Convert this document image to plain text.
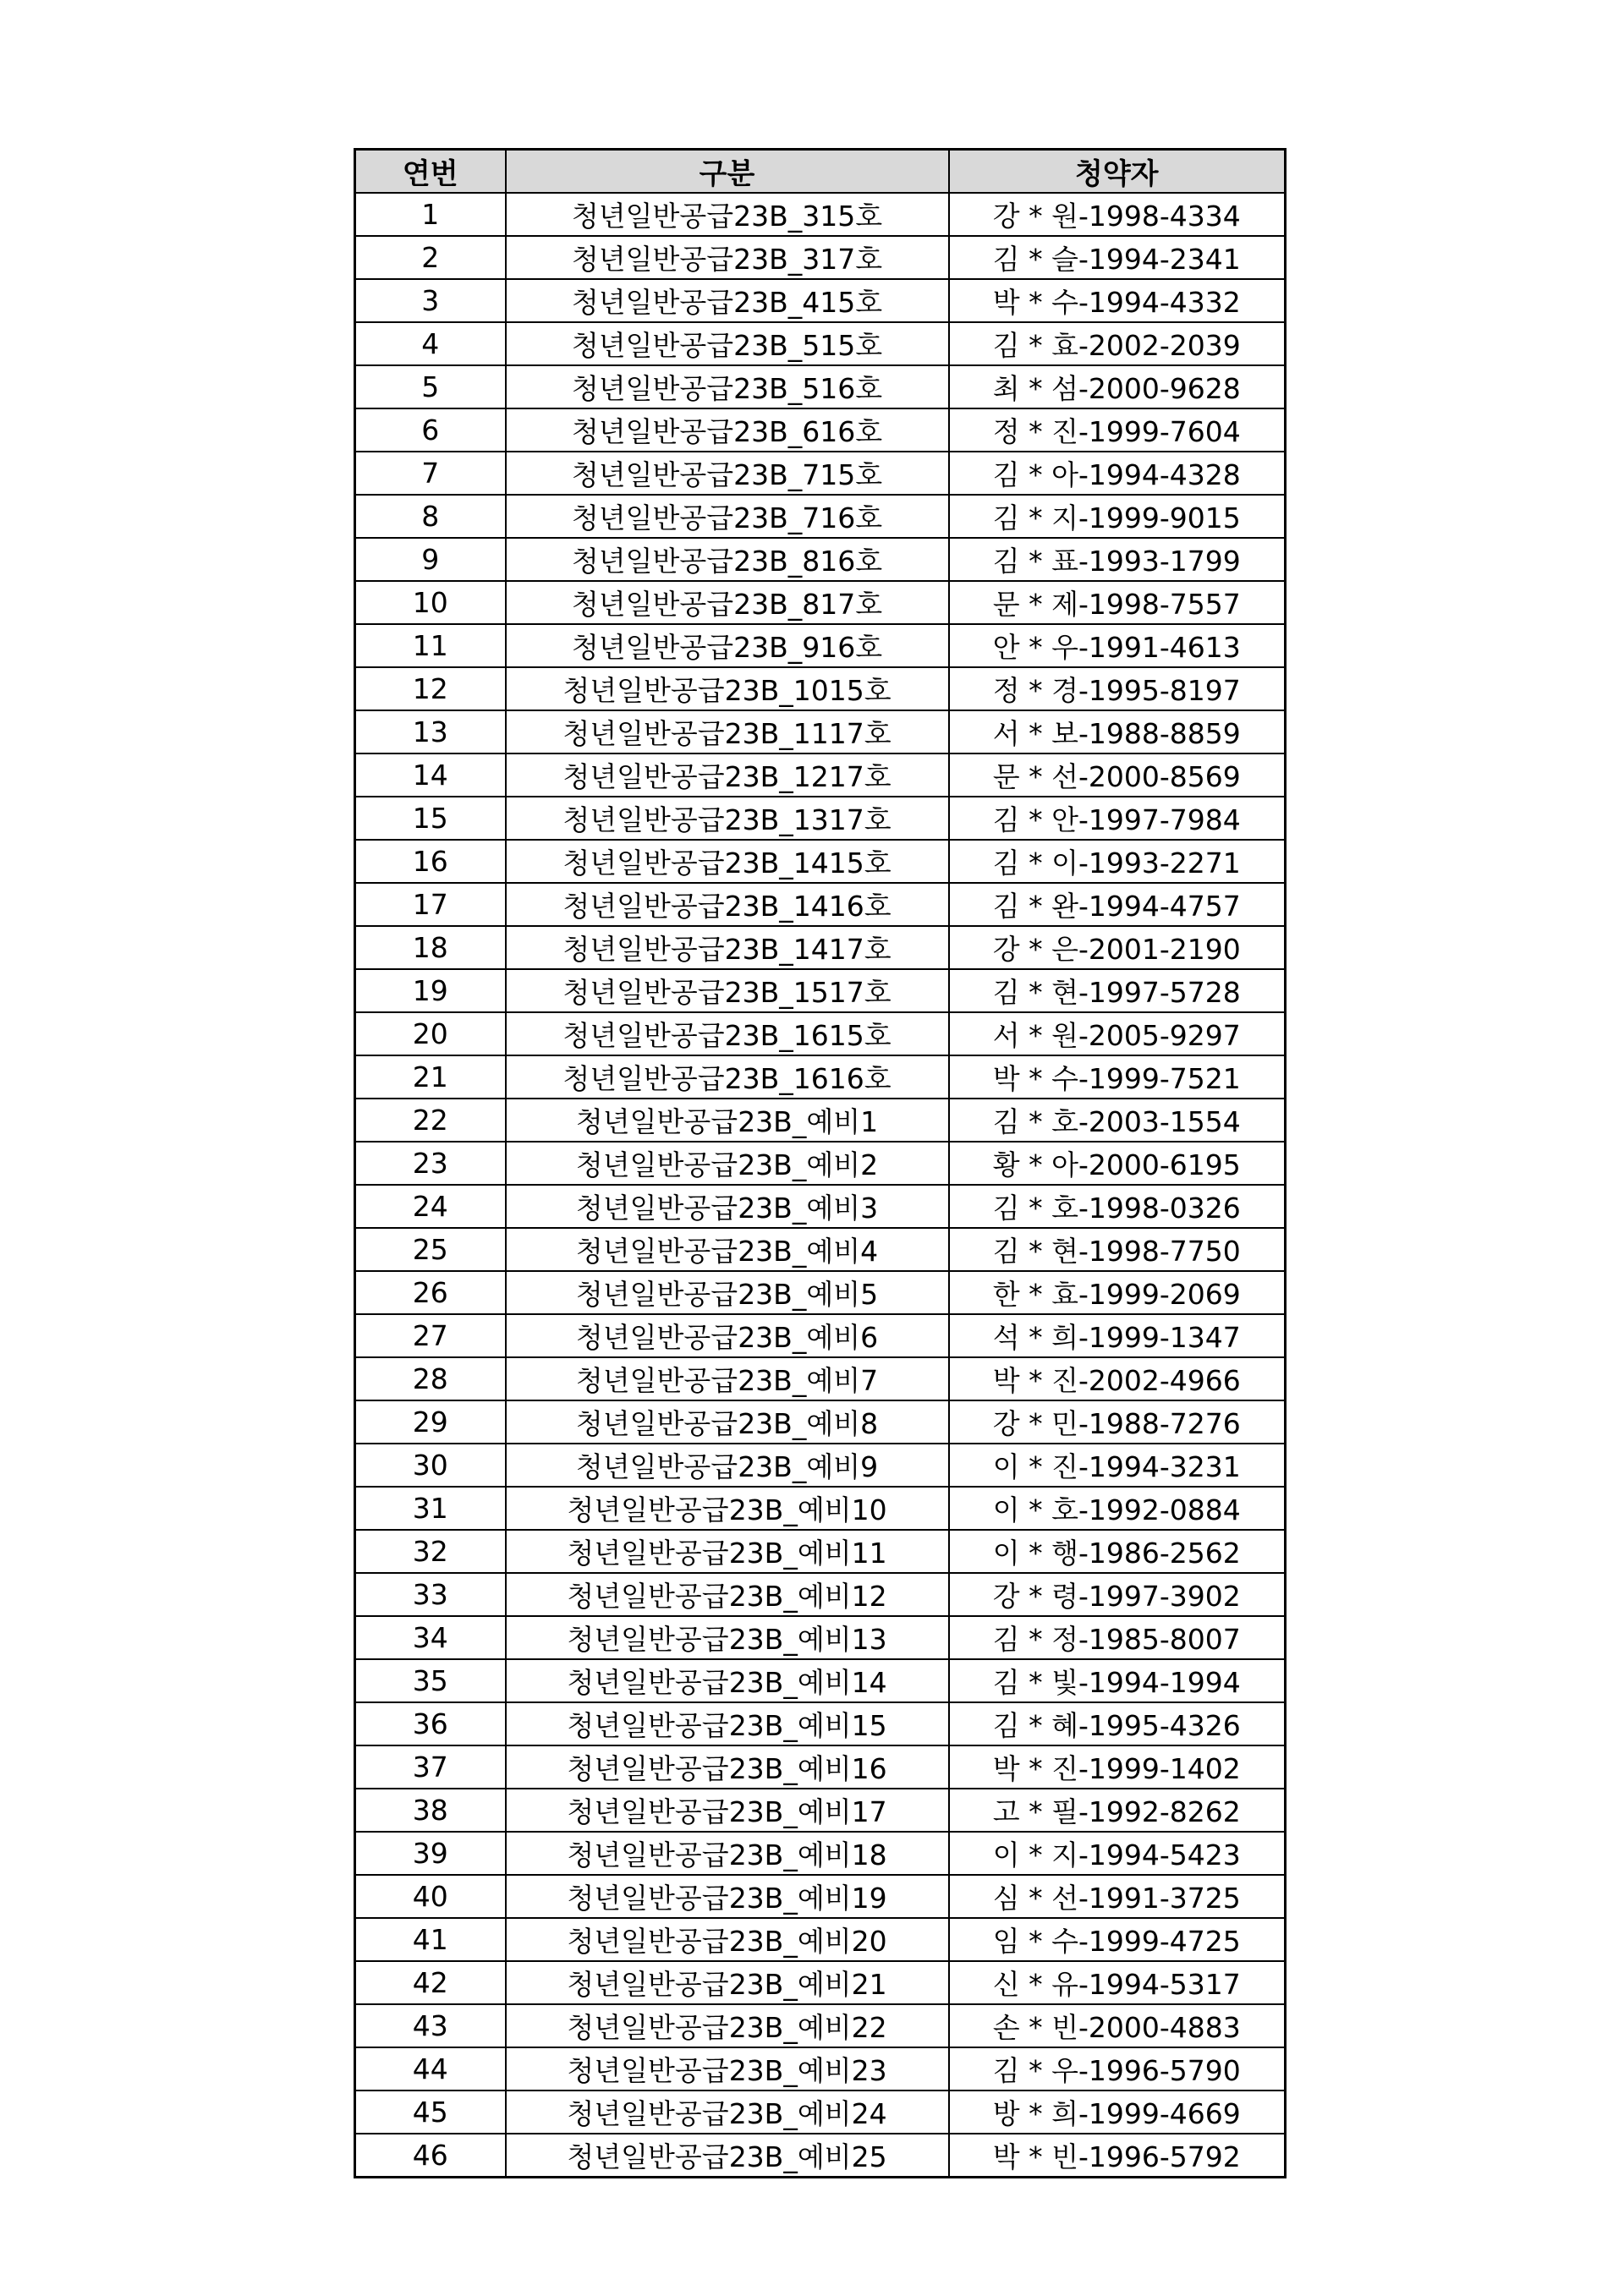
연번	구분	청약자
1	청년일반공급23B_315호	강 * 원-1998-4334
2	청년일반공급23B_317호	김 * 슬-1994-2341
3	청년일반공급23B_415호	박 * 수-1994-4332
4	청년일반공급23B_515호	김 * 효-2002-2039
5	청년일반공급23B_516호	최 * 섬-2000-9628
6	청년일반공급23B_616호	정 * 진-1999-7604
7	청년일반공급23B_715호	김 * 아-1994-4328
8	청년일반공급23B_716호	김 * 지-1999-9015
9	청년일반공급23B_816호	김 * 표-1993-1799
10	청년일반공급23B_817호	문 * 제-1998-7557
11	청년일반공급23B_916호	안 * 우-1991-4613
12	청년일반공급23B_1015호	정 * 경-1995-8197
13	청년일반공급23B_1117호	서 * 보-1988-8859
14	청년일반공급23B_1217호	문 * 선-2000-8569
15	청년일반공급23B_1317호	김 * 안-1997-7984
16	청년일반공급23B_1415호	김 * 이-1993-2271
17	청년일반공급23B_1416호	김 * 완-1994-4757
18	청년일반공급23B_1417호	강 * 은-2001-2190
19	청년일반공급23B_1517호	김 * 현-1997-5728
20	청년일반공급23B_1615호	서 * 원-2005-9297
21	청년일반공급23B_1616호	박 * 수-1999-7521
22	청년일반공급23B_예비1	김 * 호-2003-1554
23	청년일반공급23B_예비2	황 * 아-2000-6195
24	청년일반공급23B_예비3	김 * 호-1998-0326
25	청년일반공급23B_예비4	김 * 현-1998-7750
26	청년일반공급23B_예비5	한 * 효-1999-2069
27	청년일반공급23B_예비6	석 * 희-1999-1347
28	청년일반공급23B_예비7	박 * 진-2002-4966
29	청년일반공급23B_예비8	강 * 민-1988-7276
30	청년일반공급23B_예비9	이 * 진-1994-3231
31	청년일반공급23B_예비10	이 * 호-1992-0884
32	청년일반공급23B_예비11	이 * 행-1986-2562
33	청년일반공급23B_예비12	강 * 령-1997-3902
34	청년일반공급23B_예비13	김 * 정-1985-8007
35	청년일반공급23B_예비14	김 * 빛-1994-1994
36	청년일반공급23B_예비15	김 * 혜-1995-4326
37	청년일반공급23B_예비16	박 * 진-1999-1402
38	청년일반공급23B_예비17	고 * 필-1992-8262
39	청년일반공급23B_예비18	이 * 지-1994-5423
40	청년일반공급23B_예비19	심 * 선-1991-3725
41	청년일반공급23B_예비20	임 * 수-1999-4725
42	청년일반공급23B_예비21	신 * 유-1994-5317
43	청년일반공급23B_예비22	손 * 빈-2000-4883
44	청년일반공급23B_예비23	김 * 우-1996-5790
45	청년일반공급23B_예비24	방 * 희-1999-4669
46	청년일반공급23B_예비25	박 * 빈-1996-5792
